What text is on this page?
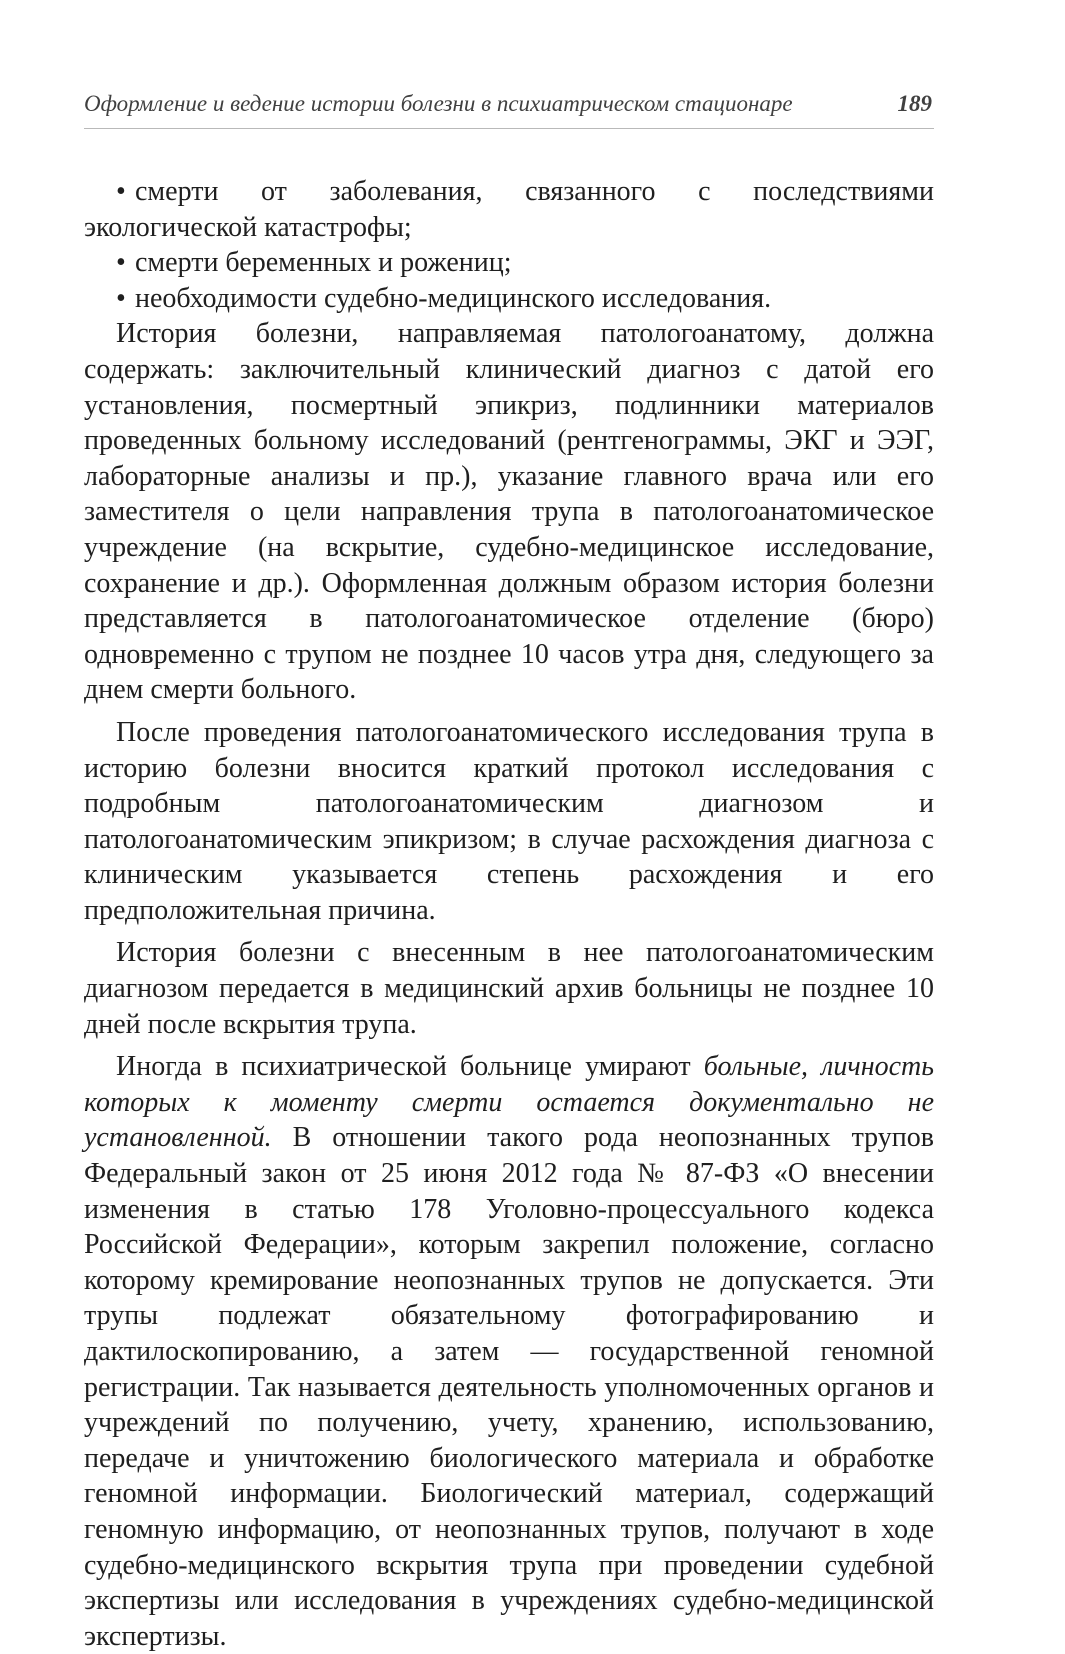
Оформление и ведение истории болезни в психиатрическом стационаре	189

• смерти от заболевания, связанного с последствиями экологической катастрофы;

• смерти беременных и рожениц;

• необходимости судебно-медицинского исследования.

История болезни, направляемая патологоанатому, должна содержать: заключительный клинический диагноз с датой его установления, посмертный эпикриз, подлинники материалов проведенных больному исследований (рентгенограммы, ЭКГ и ЭЭГ, лабораторные анализы и пр.), указание главного врача или его заместителя о цели направления трупа в патологоанатомическое учреждение (на вскрытие, судебно-медицинское исследование, сохранение и др.). Оформленная должным образом история болезни представляется в патологоанатомическое отделение (бюро) одновременно с трупом не позднее 10 часов утра дня, следующего за днем смерти больного.

После проведения патологоанатомического исследования трупа в историю болезни вносится краткий протокол исследования с подробным патологоанатомическим диагнозом и патологоанатомическим эпикризом; в случае расхождения диагноза с клиническим указывается степень расхождения и его предположительная причина.

История болезни с внесенным в нее патологоанатомическим диагнозом передается в медицинский архив больницы не позднее 10 дней после вскрытия трупа.

Иногда в психиатрической больнице умирают больные, личность которых к моменту смерти остается документально не установленной. В отношении такого рода неопознанных трупов Федеральный закон от 25 июня 2012 года № 87-ФЗ «О внесении изменения в статью 178 Уголовно-процессуального кодекса Российской Федерации», которым закрепил положение, согласно которому кремирование неопознанных трупов не допускается. Эти трупы подлежат обязательному фотографированию и дактилоскопированию, а затем — государственной геномной регистрации. Так называется деятельность уполномоченных органов и учреждений по получению, учету, хранению, использованию, передаче и уничтожению биологического материала и обработке геномной информации. Биологический материал, содержащий геномную информацию, от неопознанных трупов, получают в ходе судебно-медицинского вскрытия трупа при проведении судебной экспертизы или исследования в учреждениях судебно-медицинской экспертизы.
